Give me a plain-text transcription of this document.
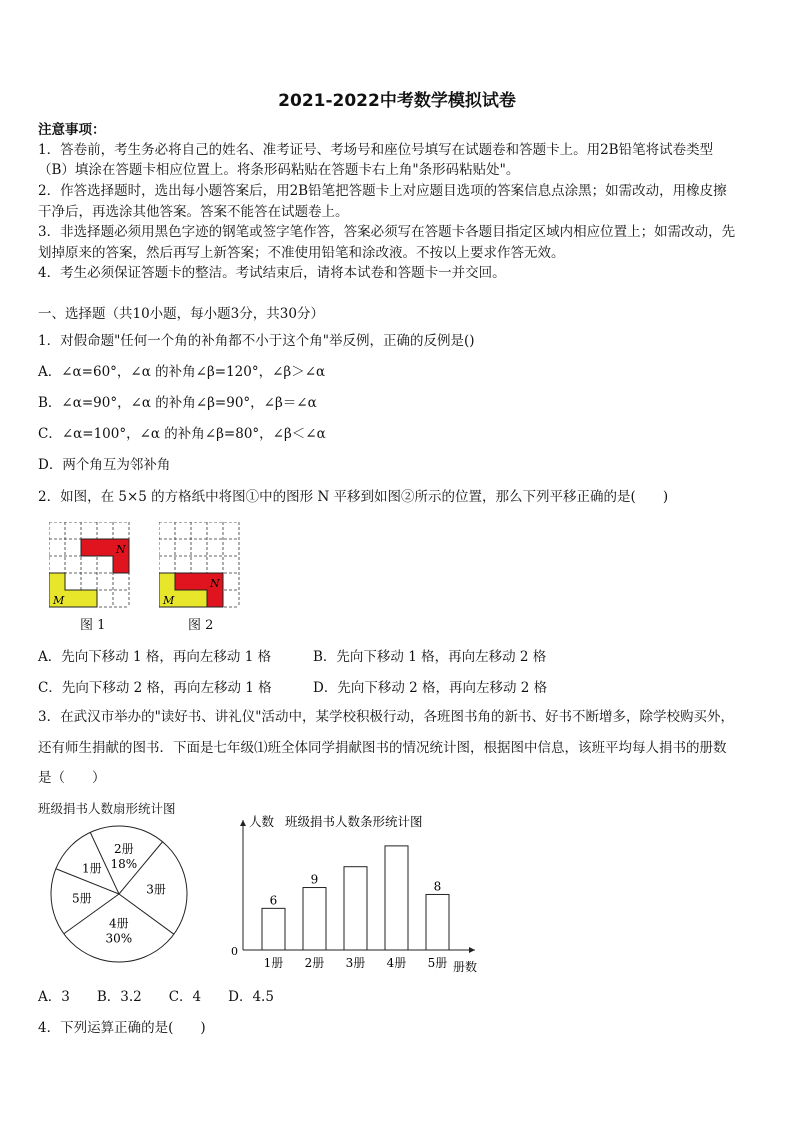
2021-2022中考数学模拟试卷
注意事项：
1．答卷前，考生务必将自己的姓名、准考证号、考场号和座位号填写在试题卷和答题卡上。用2B铅笔将试卷类型
（B）填涂在答题卡相应位置上。将条形码粘贴在答题卡右上角"条形码粘贴处"。
2．作答选择题时，选出每小题答案后，用2B铅笔把答题卡上对应题目选项的答案信息点涂黑；如需改动，用橡皮擦
干净后，再选涂其他答案。答案不能答在试题卷上。
3．非选择题必须用黑色字迹的钢笔或签字笔作答，答案必须写在答题卡各题目指定区域内相应位置上；如需改动，先
划掉原来的答案，然后再写上新答案；不准使用铅笔和涂改液。不按以上要求作答无效。
4．考生必须保证答题卡的整洁。考试结束后，请将本试卷和答题卡一并交回。
一、选择题（共10小题，每小题3分，共30分）
1．对假命题"任何一个角的补角都不小于这个角"举反例，正确的反例是()
A．∠α=60°，∠α 的补角∠β=120°，∠β＞∠α
B．∠α=90°，∠α 的补角∠β=90°，∠β＝∠α
C．∠α=100°，∠α 的补角∠β=80°，∠β＜∠α
D．两个角互为邻补角
2．如图，在 5×5 的方格纸中将图①中的图形 N 平移到如图②所示的位置，那么下列平移正确的是(　　)
N
M
图 1
N
M
图 2
A．先向下移动 1 格，再向左移动 1 格	B．先向下移动 1 格，再向左移动 2 格
C．先向下移动 2 格，再向左移动 1 格	D．先向下移动 2 格，再向左移动 2 格
3．在武汉市举办的"读好书、讲礼仪"活动中，某学校积极行动，各班图书角的新书、好书不断增多，除学校购买外，
还有师生捐献的图书．下面是七年级⑴班全体同学捐献图书的情况统计图，根据图中信息，该班平均每人捐书的册数
是（　　）
班级捐书人数扇形统计图
2册
18%
3册
4册
30%
5册
1册
人数 班级捐书人数条形统计图
0
册数
1册
6
2册
9
3册 4册 5册
8
A．3　　B．3.2　　C．4　　D．4.5
4．下列运算正确的是(　　)
